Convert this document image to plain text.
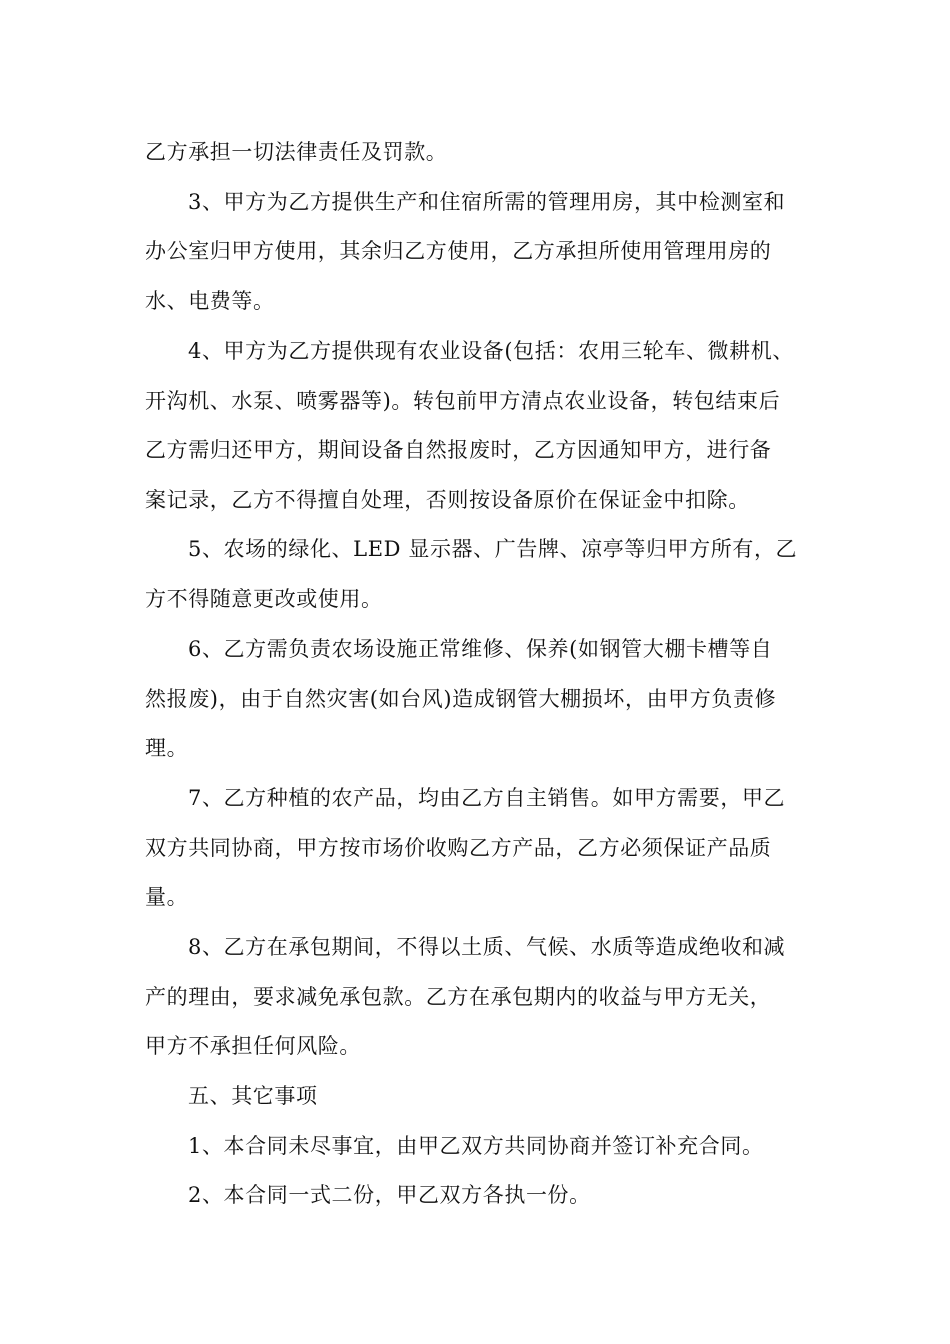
乙方承担一切法律责任及罚款。
3、甲方为乙方提供生产和住宿所需的管理用房，其中检测室和
办公室归甲方使用，其余归乙方使用，乙方承担所使用管理用房的
水、电费等。
4、甲方为乙方提供现有农业设备(包括：农用三轮车、微耕机、
开沟机、水泵、喷雾器等)。转包前甲方清点农业设备，转包结束后
乙方需归还甲方，期间设备自然报废时，乙方因通知甲方，进行备
案记录，乙方不得擅自处理，否则按设备原价在保证金中扣除。
5、农场的绿化、LED 显示器、广告牌、凉亭等归甲方所有，乙
方不得随意更改或使用。
6、乙方需负责农场设施正常维修、保养(如钢管大棚卡槽等自
然报废)，由于自然灾害(如台风)造成钢管大棚损坏，由甲方负责修
理。
7、乙方种植的农产品，均由乙方自主销售。如甲方需要，甲乙
双方共同协商，甲方按市场价收购乙方产品，乙方必须保证产品质
量。
8、乙方在承包期间，不得以土质、气候、水质等造成绝收和减
产的理由，要求减免承包款。乙方在承包期内的收益与甲方无关，
甲方不承担任何风险。
五、其它事项
1、本合同未尽事宜，由甲乙双方共同协商并签订补充合同。
2、本合同一式二份，甲乙双方各执一份。
